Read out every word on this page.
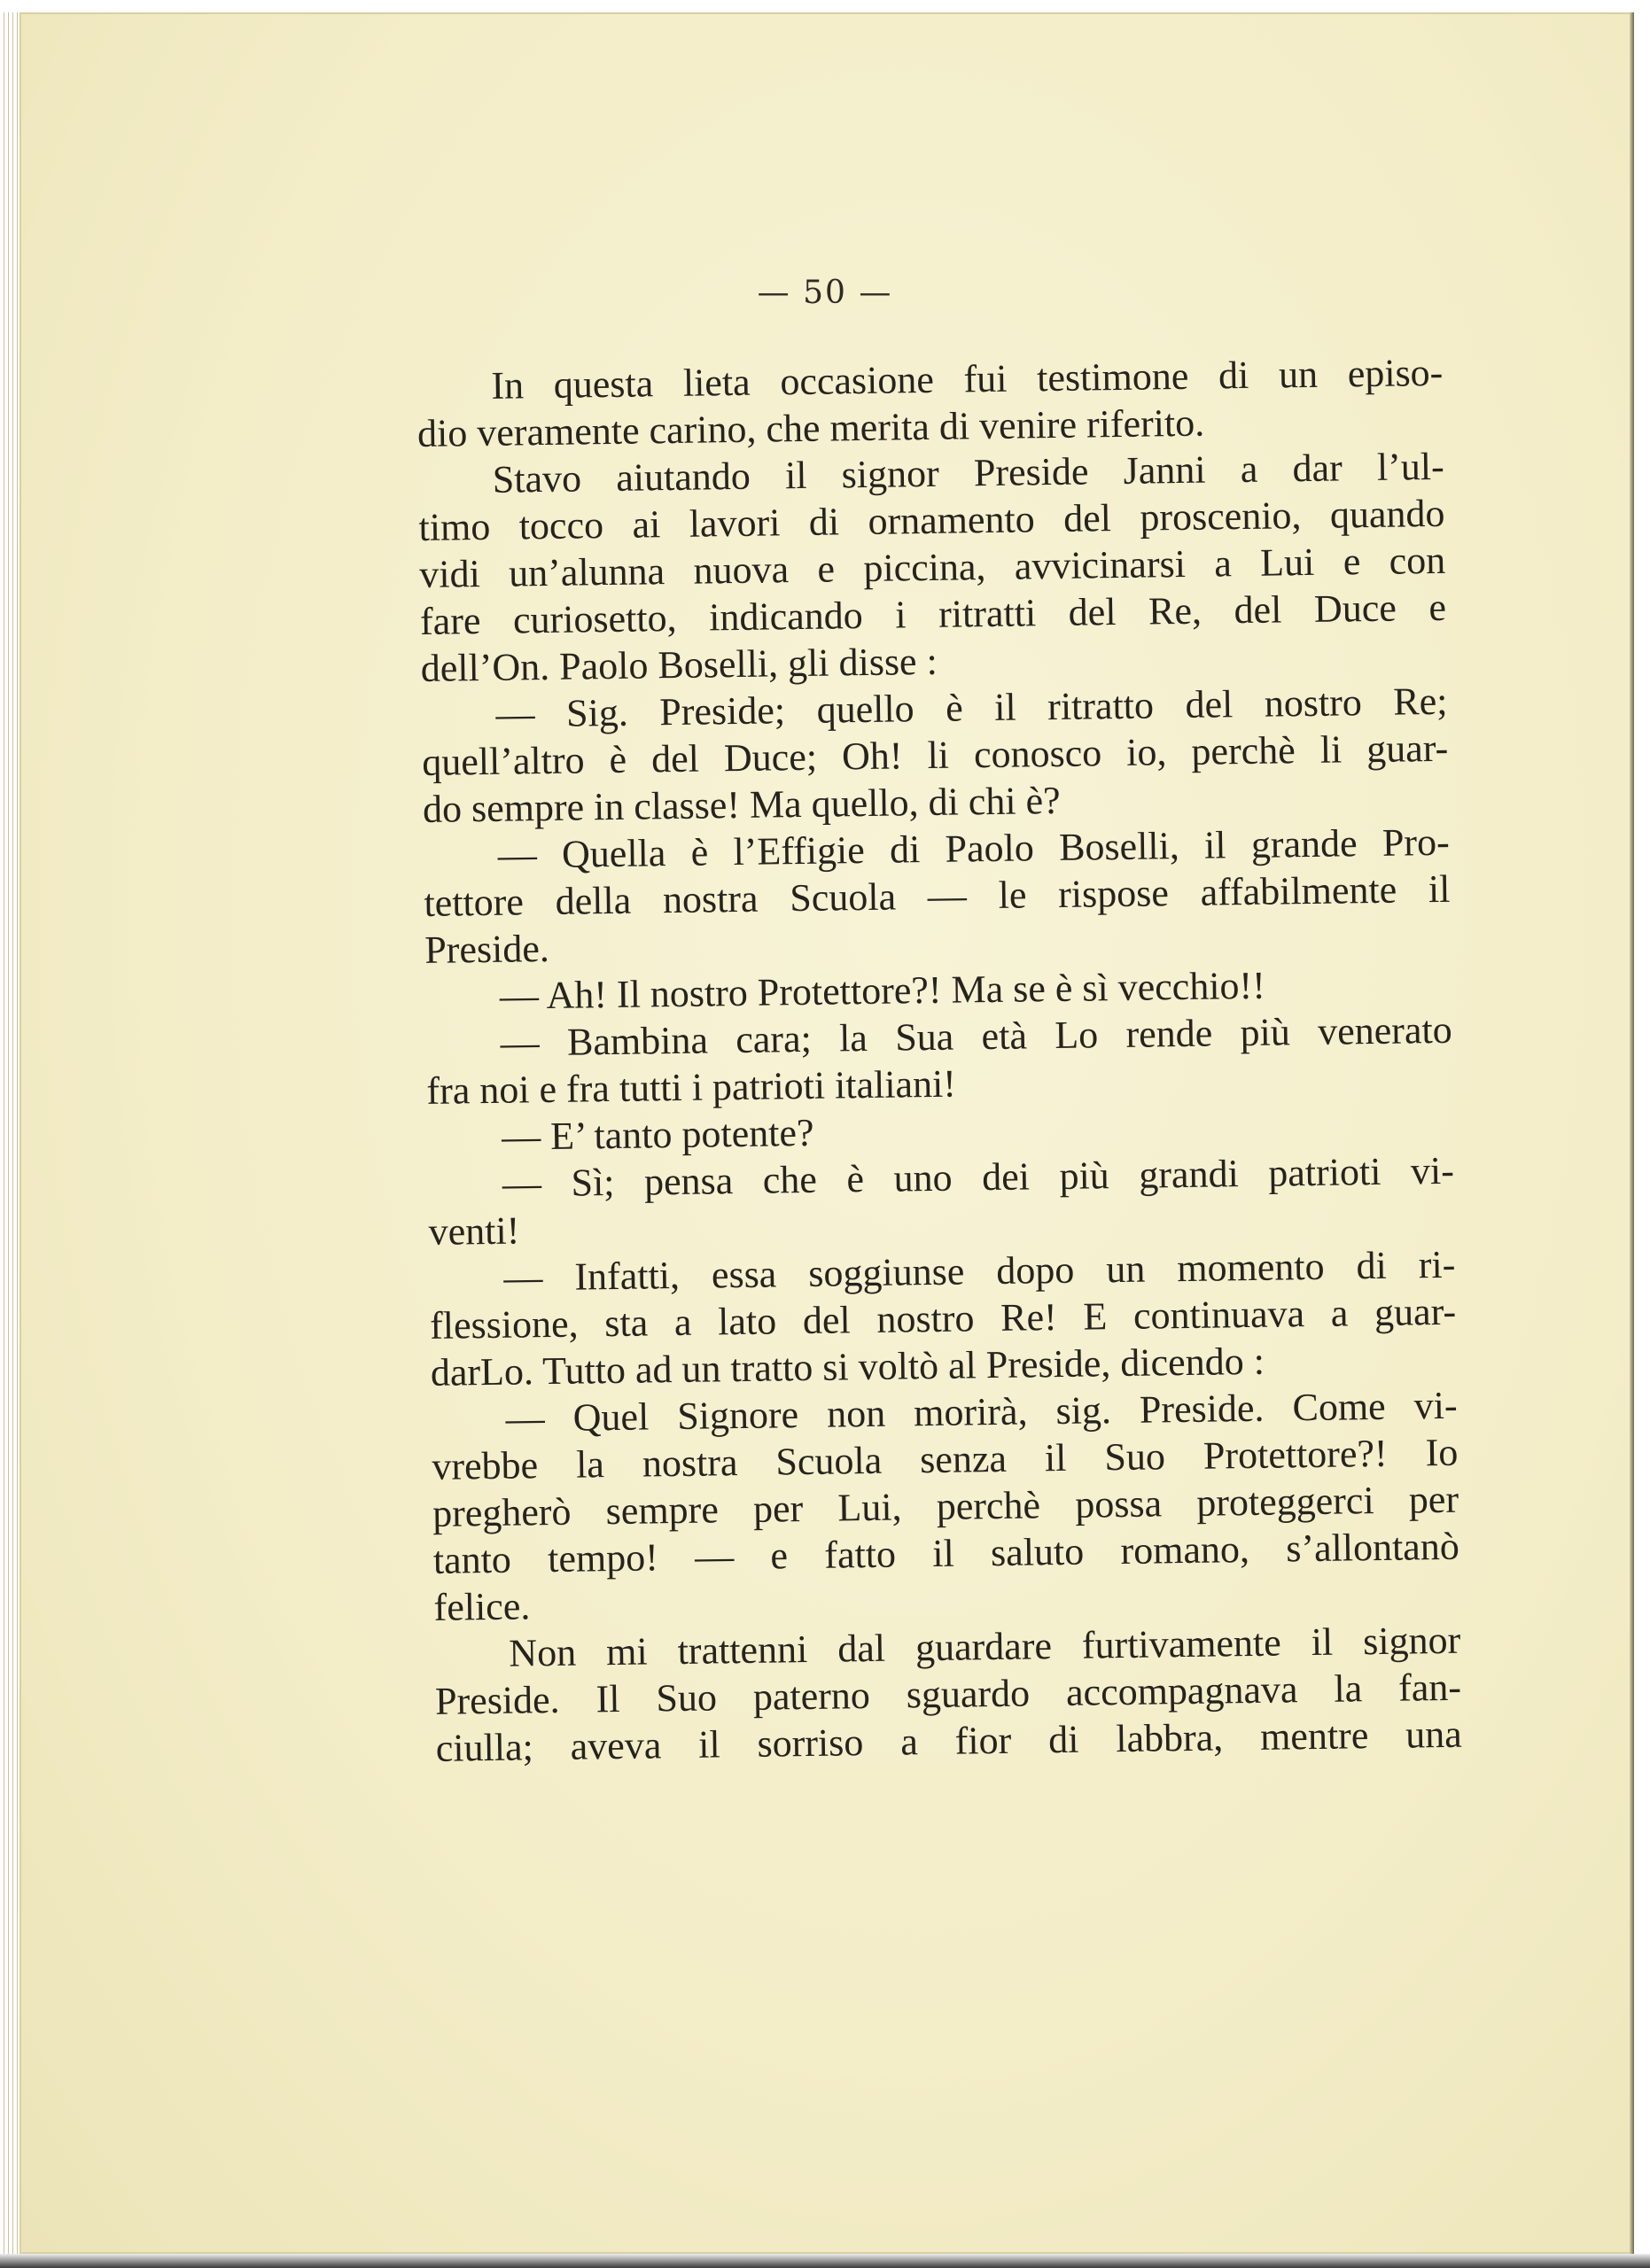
— 50 —
In questa lieta occasione fui testimone di un episo-
dio veramente carino, che merita di venire riferito.
Stavo aiutando il signor Preside Janni a dar l’ul-
timo tocco ai lavori di ornamento del proscenio, quando
vidi un’alunna nuova e piccina, avvicinarsi a Lui e con
fare curiosetto, indicando i ritratti del Re, del Duce e
dell’On. Paolo Boselli, gli disse :
— Sig. Preside; quello è il ritratto del nostro Re;
quell’altro è del Duce; Oh! li conosco io, perchè li guar-
do sempre in classe! Ma quello, di chi è?
— Quella è l’Effigie di Paolo Boselli, il grande Pro-
tettore della nostra Scuola — le rispose affabilmente il
Preside.
— Ah! Il nostro Protettore?! Ma se è sì vecchio!!
— Bambina cara; la Sua età Lo rende più venerato
fra noi e fra tutti i patrioti italiani!
— E’ tanto potente?
— Sì; pensa che è uno dei più grandi patrioti vi-
venti!
— Infatti, essa soggiunse dopo un momento di ri-
flessione, sta a lato del nostro Re! E continuava a guar-
darLo. Tutto ad un tratto si voltò al Preside, dicendo :
— Quel Signore non morirà, sig. Preside. Come vi-
vrebbe la nostra Scuola senza il Suo Protettore?! Io
pregherò sempre per Lui, perchè possa proteggerci per
tanto tempo! — e fatto il saluto romano, s’allontanò
felice.
Non mi trattenni dal guardare furtivamente il signor
Preside. Il Suo paterno sguardo accompagnava la fan-
ciulla; aveva il sorriso a fior di labbra, mentre una
